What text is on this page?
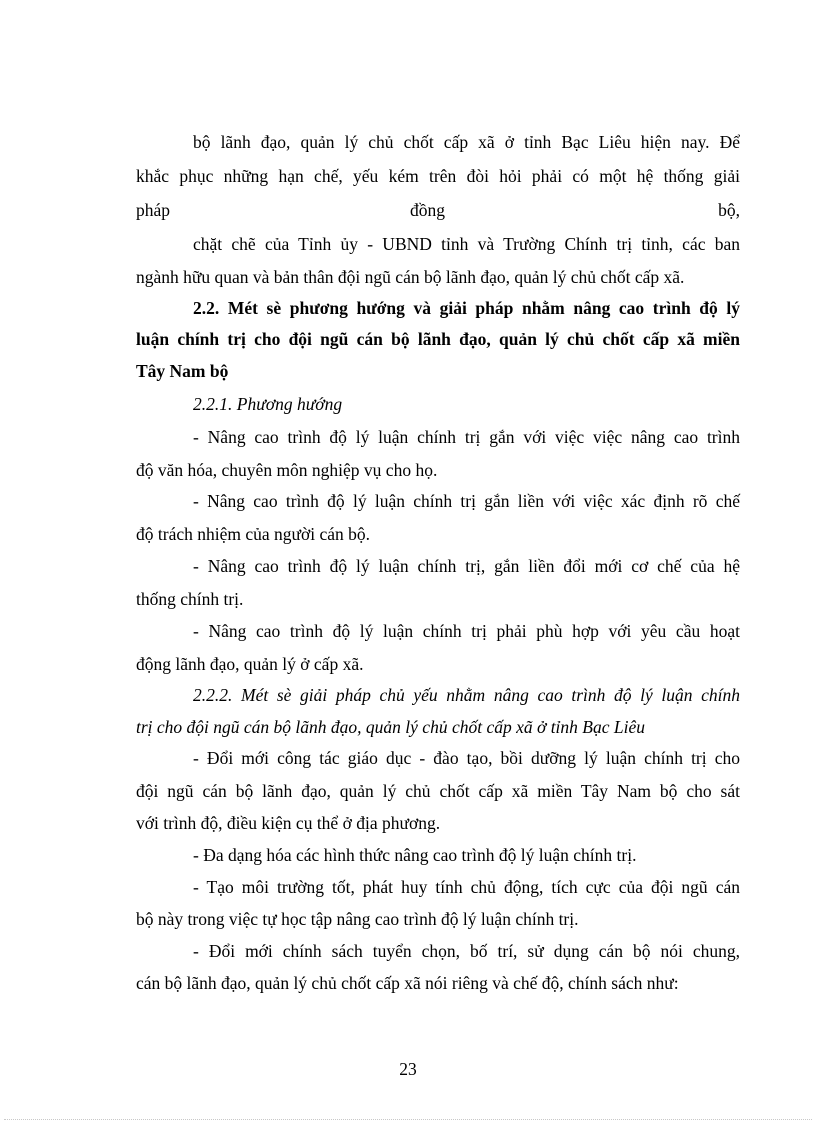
bộ lãnh đạo, quản lý chủ chốt cấp xã ở tỉnh Bạc Liêu hiện nay. Để
khắc phục những hạn chế, yếu kém trên đòi hỏi phải có một hệ thống giải
pháp	đồng	bộ,
chặt chẽ của Tỉnh ủy - UBND tỉnh và Trường Chính trị tỉnh, các ban
ngành hữu quan và bản thân đội ngũ cán bộ lãnh đạo, quản lý chủ chốt cấp xã.
2.2. Mét sè phương hướng và giải pháp nhằm nâng cao trình độ lý
luận chính trị cho đội ngũ cán bộ lãnh đạo, quản lý chủ chốt cấp xã miền
Tây Nam bộ
2.2.1. Phương hướng
- Nâng cao trình độ lý luận chính trị gắn với việc việc nâng cao trình
độ văn hóa, chuyên môn nghiệp vụ cho họ.
- Nâng cao trình độ lý luận chính trị gắn liền với việc xác định rõ chế
độ trách nhiệm của người cán bộ.
- Nâng cao trình độ lý luận chính trị, gắn liền đổi mới cơ chế của hệ
thống chính trị.
- Nâng cao trình độ lý luận chính trị phải phù hợp với yêu cầu hoạt
động lãnh đạo, quản lý ở cấp xã.
2.2.2. Mét sè giải pháp chủ yếu nhằm nâng cao trình độ lý luận chính
trị cho đội ngũ cán bộ lãnh đạo, quản lý chủ chốt cấp xã ở tỉnh Bạc Liêu
- Đổi mới công tác giáo dục - đào tạo, bồi dưỡng lý luận chính trị cho
đội ngũ cán bộ lãnh đạo, quản lý chủ chốt cấp xã miền Tây Nam bộ cho sát
với trình độ, điều kiện cụ thể ở địa phương.
- Đa dạng hóa các hình thức nâng cao trình độ lý luận chính trị.
- Tạo môi trường tốt, phát huy tính chủ động, tích cực của đội ngũ cán
bộ này trong việc tự học tập nâng cao trình độ lý luận chính trị.
- Đổi mới chính sách tuyển chọn, bố trí, sử dụng cán bộ nói chung,
cán bộ lãnh đạo, quản lý chủ chốt cấp xã nói riêng và chế độ, chính sách như:
23
